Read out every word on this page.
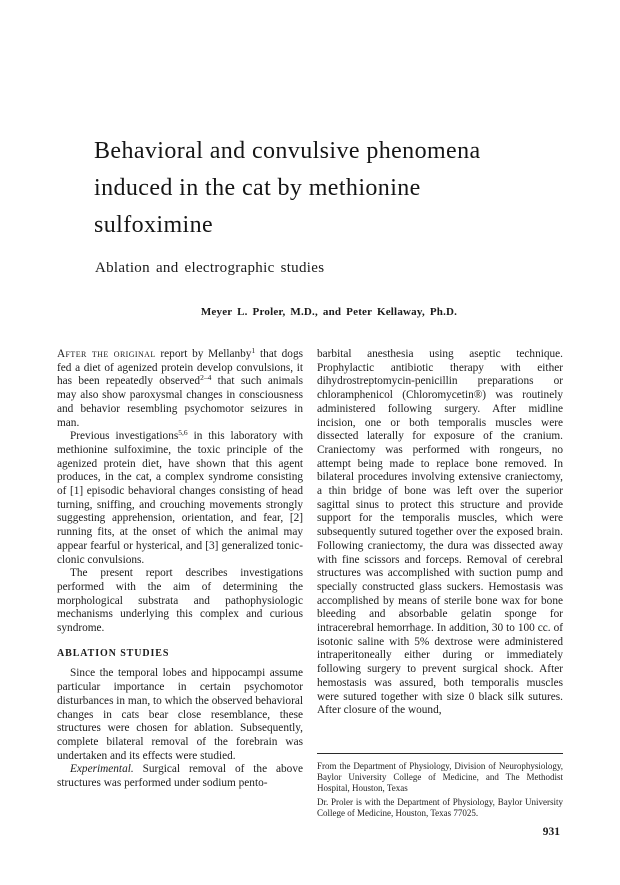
Behavioral and convulsive phenomena
induced in the cat by methionine
sulfoximine
Ablation and electrographic studies
Meyer L. Proler, M.D., and Peter Kellaway, Ph.D.

After the original report by Mellanby$^1$ that dogs fed a diet of agenized protein develop convulsions, it has been repeatedly observed$^{2-4}$ that such animals may also show paroxysmal changes in consciousness and behavior resembling psychomotor seizures in man.

Previous investigations$^{5,6}$ in this laboratory with methionine sulfoximine, the toxic principle of the agenized protein diet, have shown that this agent produces, in the cat, a complex syndrome consisting of [1] episodic behavioral changes consisting of head turning, sniffing, and crouching movements strongly suggesting apprehension, orientation, and fear, [2] running fits, at the onset of which the animal may appear fearful or hysterical, and [3] generalized tonic-clonic convulsions.

The present report describes investigations performed with the aim of determining the morphological substrata and pathophysiologic mechanisms underlying this complex and curious syndrome.

ABLATION STUDIES

Since the temporal lobes and hippocampi assume particular importance in certain psychomotor disturbances in man, to which the observed behavioral changes in cats bear close resemblance, these structures were chosen for ablation. Subsequently, complete bilateral removal of the forebrain was undertaken and its effects were studied.

Experimental. Surgical removal of the above structures was performed under sodium pento-

barbital anesthesia using aseptic technique. Prophylactic antibiotic therapy with either dihydrostreptomycin-penicillin preparations or chloramphenicol (Chloromycetin®) was routinely administered following surgery. After midline incision, one or both temporalis muscles were dissected laterally for exposure of the cranium. Craniectomy was performed with rongeurs, no attempt being made to replace bone removed. In bilateral procedures involving extensive craniectomy, a thin bridge of bone was left over the superior sagittal sinus to protect this structure and provide support for the temporalis muscles, which were subsequently sutured together over the exposed brain. Following craniectomy, the dura was dissected away with fine scissors and forceps. Removal of cerebral structures was accomplished with suction pump and specially constructed glass suckers. Hemostasis was accomplished by means of sterile bone wax for bone bleeding and absorbable gelatin sponge for intracerebral hemorrhage. In addition, 30 to 100 cc. of isotonic saline with 5% dextrose were administered intraperitoneally either during or immediately following surgery to prevent surgical shock. After hemostasis was assured, both temporalis muscles were sutured together with size 0 black silk sutures. After closure of the wound,

From the Department of Physiology, Division of Neurophysiology, Baylor University College of Medicine, and The Methodist Hospital, Houston, Texas

Dr. Proler is with the Department of Physiology, Baylor University College of Medicine, Houston, Texas 77025.

931
